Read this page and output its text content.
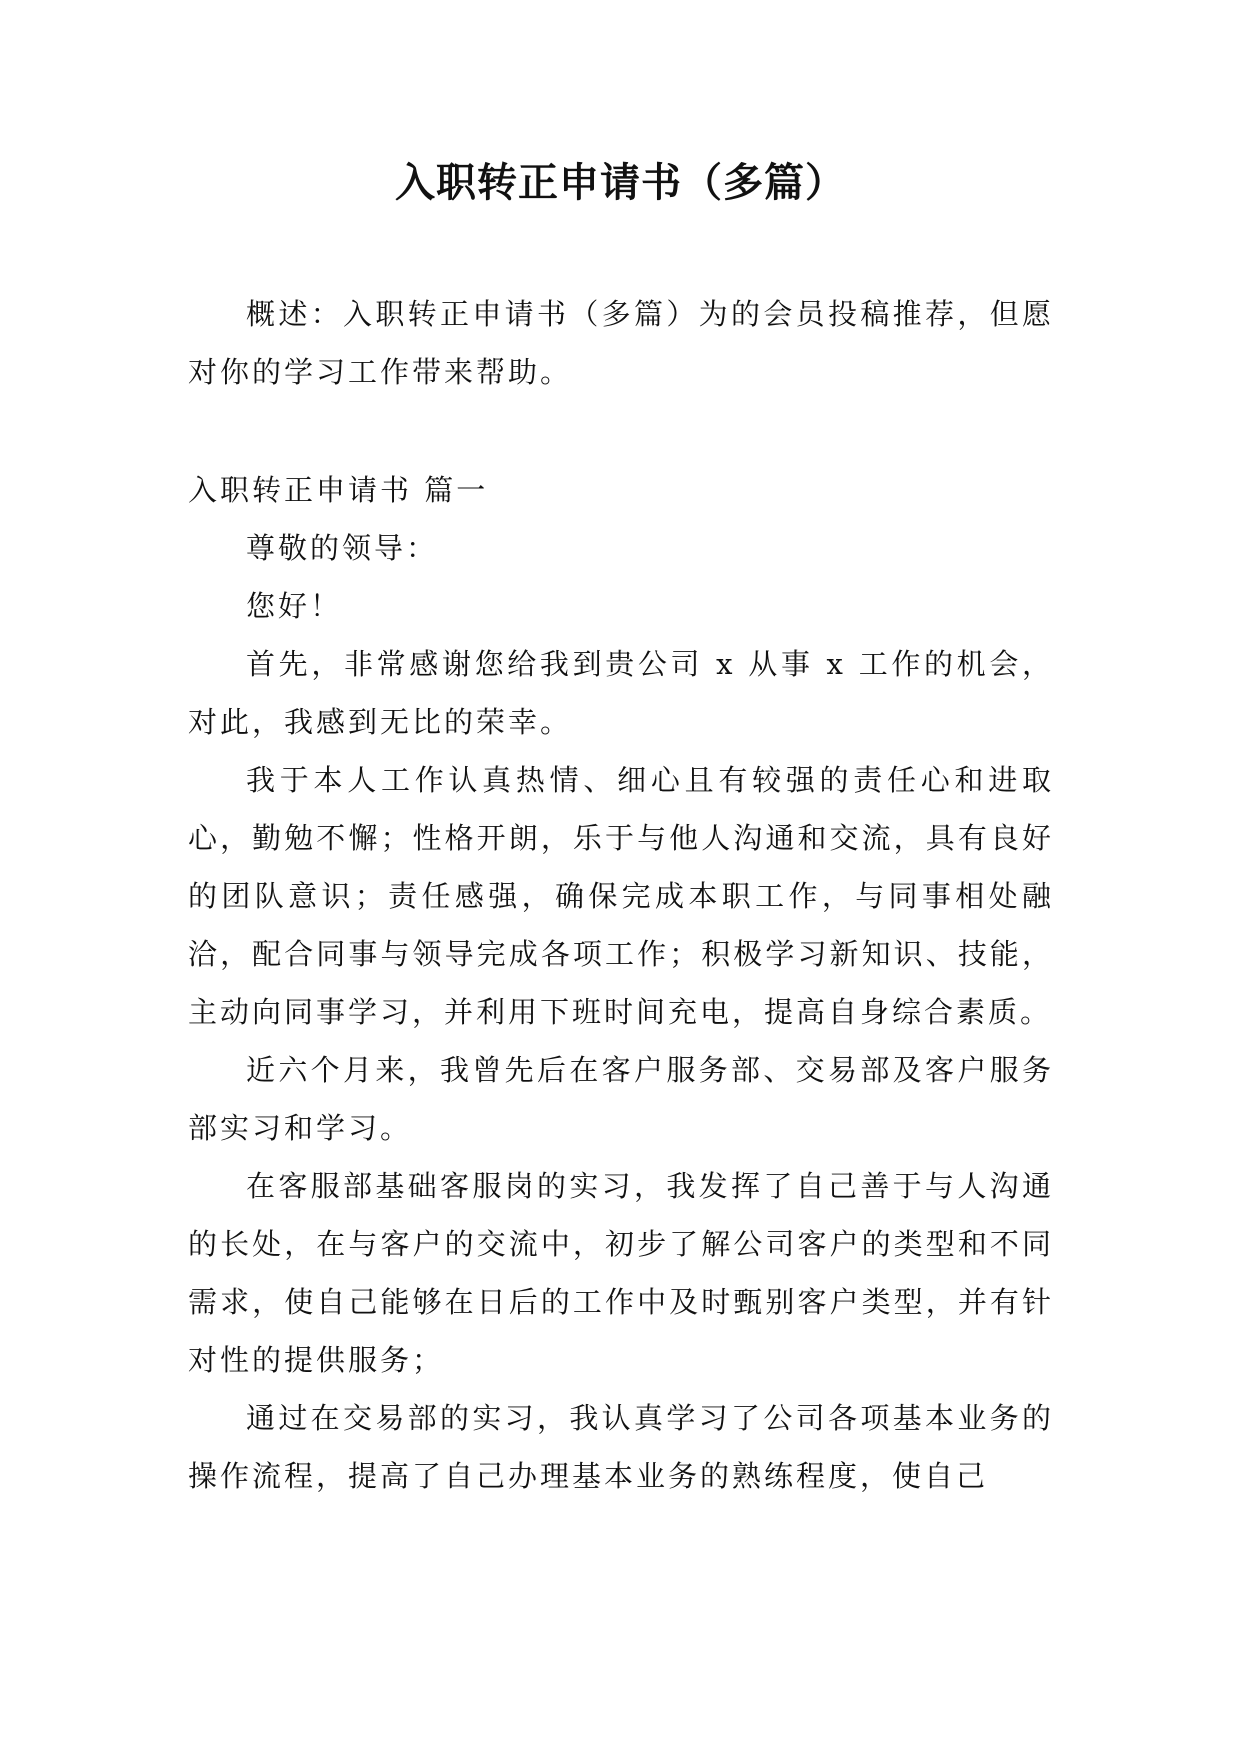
入职转正申请书（多篇）

概述：入职转正申请书（多篇）为的会员投稿推荐，但愿对你的学习工作带来帮助。

入职转正申请书 篇一

尊敬的领导：

您好！

首先，非常感谢您给我到贵公司 x 从事 x 工作的机会，对此，我感到无比的荣幸。

我于本人工作认真热情、细心且有较强的责任心和进取心，勤勉不懈；性格开朗，乐于与他人沟通和交流，具有良好的团队意识；责任感强，确保完成本职工作，与同事相处融洽，配合同事与领导完成各项工作；积极学习新知识、技能，主动向同事学习，并利用下班时间充电，提高自身综合素质。

近六个月来，我曾先后在客户服务部、交易部及客户服务部实习和学习。

在客服部基础客服岗的实习，我发挥了自己善于与人沟通的长处，在与客户的交流中，初步了解公司客户的类型和不同需求，使自己能够在日后的工作中及时甄别客户类型，并有针对性的提供服务；

通过在交易部的实习，我认真学习了公司各项基本业务的操作流程，提高了自己办理基本业务的熟练程度，使自己
